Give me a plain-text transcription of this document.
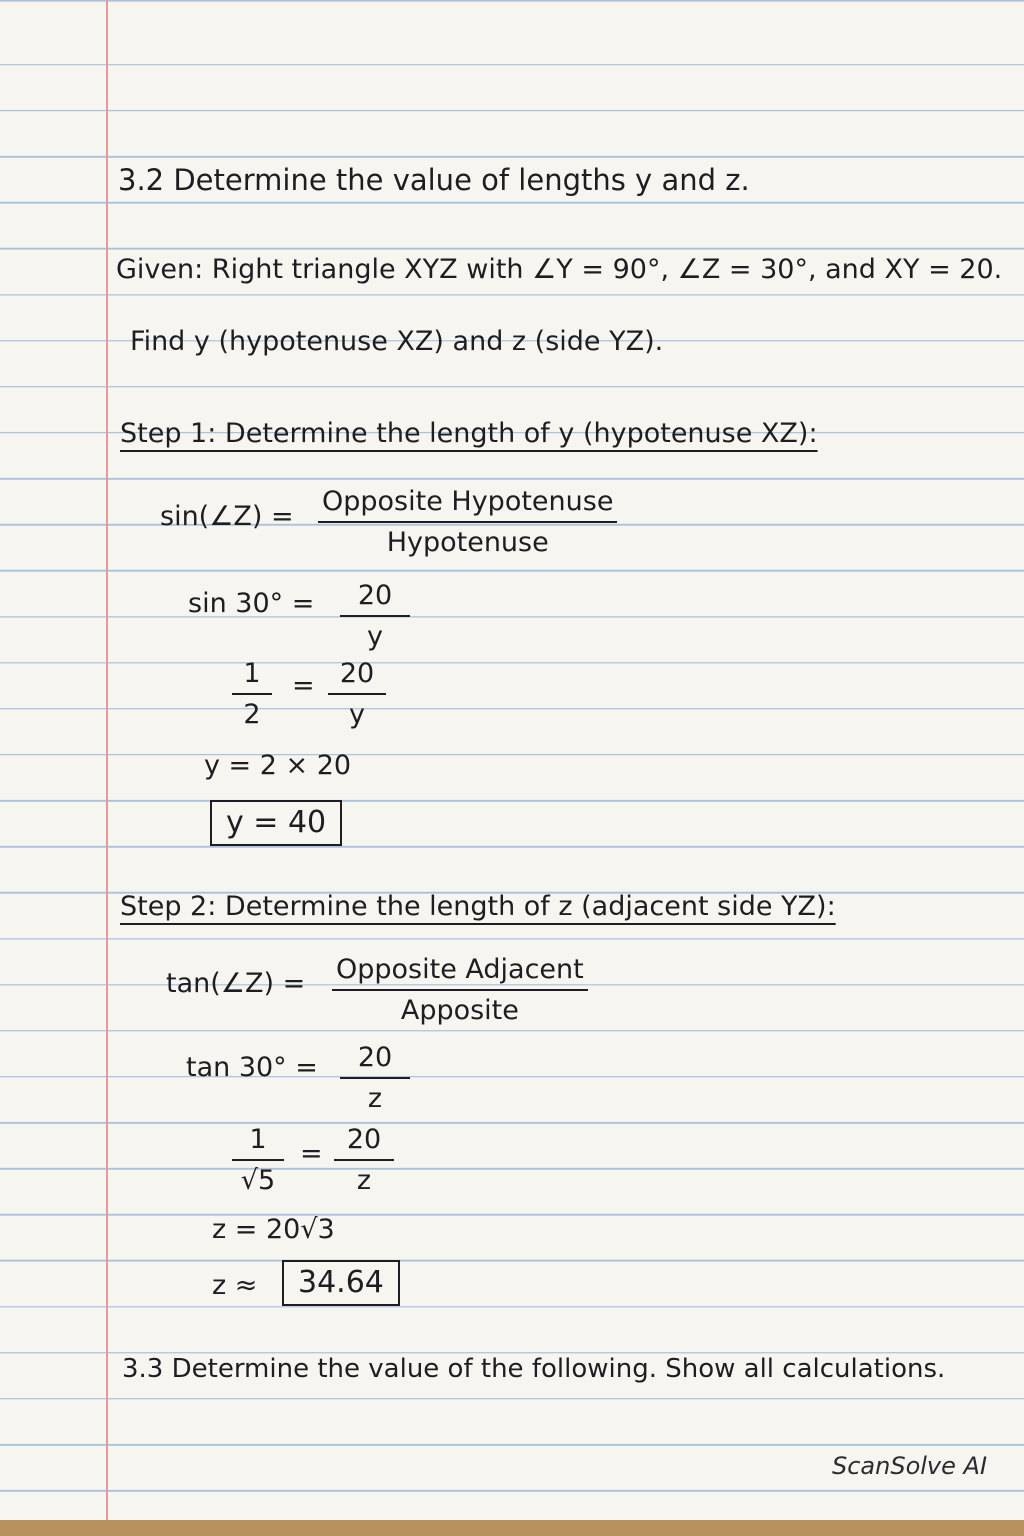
3.2 Determine the value of lengths y and z.
Given: Right triangle XYZ with ∠Y = 90°, ∠Z = 30°, and XY = 20.
Find y (hypotenuse XZ) and z (side YZ).
Step 1: Determine the length of y (hypotenuse XZ):
sin(∠Z) = Opposite Hypotenuse
Hypotenuse
$\sin 30^\circ = \frac{20}{y}$
$\frac{1}{2} = \frac{20}{y}$
y = 2 × 20
y = 40
Step 2: Determine the length of z (adjacent side YZ):
tan(∠Z) = Opposite Adjacent
Apposite
$\tan 30^\circ = \frac{20}{z}$
$\frac{1}{√5} = \frac{20}{z}$
z = 20√3
z ≈	34.64
3.3 Determine the value of the following. Show all calculations.
ScanSolve AI
